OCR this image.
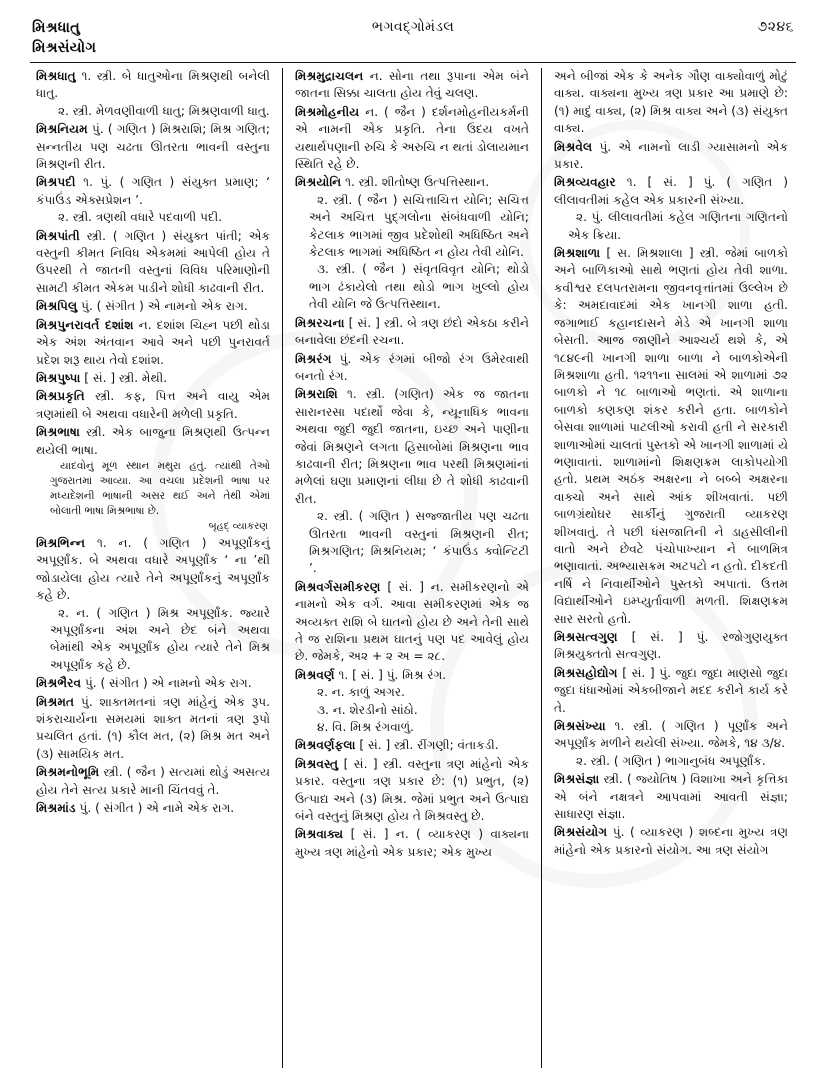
મિશ્રધાતુ
મિશ્રસંયોગ
ભગવદ્ગોમંડલ	૭૨૪૬

મિશ્રધાતુ ૧. સ્ત્રી. બે ધાતુઓના મિશ્રણથી બનેલી ધાતુ.

૨. સ્ત્રી. મેળવણીવાળી ધાતુ; મિશ્રણવાળી ધાતુ.

મિશ્રનિયમ પું. ( ગણિત ) મિશ્રરાશિ; મિશ્ર ગણિત; સન્નતીય પણ ચઢતા ઊતરતા ભાવની વસ્તુના મિશ્રણની રીત.

મિશ્રપદી ૧. પું. ( ગણિત ) સંયુક્ત પ્રમાણ; ‘ કંપાઉંડ એક્સપ્રેશન ’.

૨. સ્ત્રી. ત્રણથી વધારે પદવાળી પદી.

મિશ્રપાંતી સ્ત્રી. ( ગણિત ) સંયુક્ત પાંતી; એક વસ્તુની કીમત નિવિધ એકમમાં આપેલી હોય તે ઉપરથી તે જાતની વસ્તુનાં વિવિધ પરિમાણોની સામટી કીમત એકમ પાડીને શોધી કાઢવાની રીત.

મિશ્રપિલુ પું. ( સંગીત ) એ નામનો એક રાગ.

મિશ્રપુનરાવર્ત દશાંશ ન. દશાંશ ચિહ્ન પછી થોડા એક અંશ અંતવાન આવે અને પછી પુનરાવર્ત પ્રદેશ શરૂ થાય તેવો દશાંશ.

મિશ્રપુષ્પા [ સં. ] સ્ત્રી. મેથી.

મિશ્રપ્રકૃતિ સ્ત્રી. કફ, પિત્ત અને વાયુ એમ ત્રણમાંથી બે અથવા વધારેની મળેલી પ્રકૃતિ.

મિશ્રભાષા સ્ત્રી. એક બાજુના મિશ્રણથી ઉત્પન્ન થયેલી ભાષા.

યાદવોનું મૂળ સ્થાન મથુરા હતું. ત્યાંથી તેઓ ગુજરાતમાં આવ્યા. આ વચલા પ્રદેશની ભાષા પર મધ્યદેશની ભાષાની અસર થઈ અને તેથી એમાં બોલાતી ભાષા મિશ્રભાષા છે.

બૃહદ્ વ્યાકરણ

મિશ્રભિન્ન ૧. ન. ( ગણિત ) અપૂર્ણાંકનું અપૂર્ણાંક. બે અથવા વધારે અપૂર્ણાંક ‘ ના ’થી જોડાયેલા હોય ત્યારે તેને અપૂર્ણાંકનું અપૂર્ણાંક કહે છે.

૨. ન. ( ગણિત ) મિશ્ર અપૂર્ણાંક. જ્યારે અપૂર્ણાંકના અંશ અને છેદ બંને અથવા બેમાંથી એક અપૂર્ણાંક હોય ત્યારે તેને મિશ્ર અપૂર્ણાંક કહે છે.

મિશ્રભૈરવ પું. ( સંગીત ) એ નામનો એક રાગ.

મિશ્રમત પું. શાક્તમતનાં ત્રણ માંહેનું એક રૂપ. શંકરાચાર્યના સમયમાં શાક્ત મતનાં ત્રણ રૂપો પ્રચલિત હતાં. (૧) કૌલ મત, (૨) મિશ્ર મત અને (૩) સામયિક મત.

મિશ્રમનોભૂમિ સ્ત્રી. ( જૈન ) સત્યમાં થોડું અસત્ય હોય તેને સત્ય પ્રકારે માની ચિંતવવું તે.

મિશ્રમાંડ પું. ( સંગીત ) એ નામે એક રાગ.

મિશ્રમુદ્રાચલન ન. સોના તથા રૂપાના એમ બંને જાતના સિક્કા ચાલતા હોય તેવું ચલણ.

મિશ્રમોહનીય ન. ( જૈન ) દર્શનમોહનીયકર્મની એ નામની એક પ્રકૃતિ. તેના ઉદય વખતે યથાર્થપણાની રુચિ કે અરુચિ ન થતાં ડોલાયમાન સ્થિતિ રહે છે.

મિશ્રયોનિ ૧. સ્ત્રી. શીતોષ્ણ ઉત્પત્તિસ્થાન.

૨. સ્ત્રી. ( જૈન ) સચિત્તાચિત્ત યોનિ; સચિત્ત અને અચિત્ત પુદ્ગલોના સંબંધવાળી યોનિ; કેટલાક ભાગમાં જીવ પ્રદેશોથી અધિષ્ઠિત અને કેટલાક ભાગમાં અધિષ્ઠિત ન હોય તેવી યોનિ.

૩. સ્ત્રી. ( જૈન ) સંવૃતવિવૃત યોનિ; થોડો ભાગ ઢંકાયેલો તથા થોડો ભાગ ખુલ્લો હોય તેવી યોનિ જે ઉત્પત્તિસ્થાન.

મિશ્રરચના [ સં. ] સ્ત્રી. બે ત્રણ છંદો એકઠા કરીને બનાવેલા છંદની રચના.

મિશ્રરંગ પું. એક રંગમાં બીજો રંગ ઉમેરવાથી બનતો રંગ.

મિશ્રરાશિ ૧. સ્ત્રી. (ગણિત) એક જ જાતના સારાનરસા પદાર્થો જેવા કે, ન્યૂનાધિક ભાવના અથવા જુદી જુદી જાતના, ઇચ્છ અને પાણીના જેવાં મિશ્રણને લગતા હિસાબોમાં મિશ્રણના ભાવ કાઢવાની રીત; મિશ્રણના ભાવ પરથી મિશ્રણમાંનાં મળેલાં ઘણા પ્રમાણનાં લીધા છે તે શોધી કાઢવાની રીત.

૨. સ્ત્રી. ( ગણિત ) સજ્જાતીય પણ ચઢતા ઊતરતા ભાવની વસ્તુનાં મિશ્રણની રીત; મિશ્રગણિત; મિશ્રનિયમ; ‘ કંપાઉંડ ક્વોન્ટિટી ’.

મિશ્રવર્ગસમીકરણ [ સં. ] ન. સમીકરણનો એ નામનો એક વર્ગ. આવા સમીકરણમાં એક જ અવ્યક્ત રાશિ બે ઘાતનો હોય છે અને તેની સાથે તે જ રાશિના પ્રથમ ઘાતનું પણ પદ આવેલું હોય છે. જેમકે, અ૨ + ૨ અ = ૨૮.

મિશ્રવર્ણ ૧. [ સં. ] પું. મિશ્ર રંગ.

૨. ન. કાળું અગર.

૩. ન. શેરડીનો સાંઠો.

૪. વિ. મિશ્ર રંગવાળું.

મિશ્રવર્ણફલા [ સં. ] સ્ત્રી. રીંગણી; વંતાકડી.

મિશ્રવસ્તુ [ સં. ] સ્ત્રી. વસ્તુના ત્રણ માંહેનો એક પ્રકાર. વસ્તુના ત્રણ પ્રકાર છે: (૧) પ્રભુત, (૨) ઉત્પાદ્ય અને (૩) મિશ્ર. જેમાં પ્રભુત અને ઉત્પાદ્ય બંને વસ્તુનું મિશ્રણ હોય તે મિશ્રવસ્તુ છે.

મિશ્રવાક્ય [ સં. ] ન. ( વ્યાકરણ ) વાક્યના મુખ્ય ત્રણ માંહેનો એક પ્રકાર; એક મુખ્ય

અને બીજાં એક કે અનેક ગૌણ વાક્યોવાળું મોટું વાક્ય. વાક્યના મુખ્ય ત્રણ પ્રકાર આ પ્રમાણે છે: (૧) માદું વાક્ય, (૨) મિશ્ર વાક્ય અને (૩) સંયુક્ત વાક્ય.

મિશ્રવેલ પું. એ નામનો લાડી ગ્યાસામનો એક પ્રકાર.

મિશ્રવ્યવહાર ૧. [ સં. ] પું. ( ગણિત ) લીલાવતીમાં કહેલ એક પ્રકારની સંખ્યા.

૨. પું. લીલાવતીમાં કહેલ ગણિતના ગણિતનો એક ક્રિયા.

મિશ્રશાળા [ સ. મિશ્રશાલા ] સ્ત્રી. જેમાં બાળકો અને બાળિકાઓ સાથે ભણતાં હોય તેવી શાળા. કવીશ્વર દલપતરામના જીવનવૃત્તાંતમાં ઉલ્લેખ છે કે: અમદાવાદમાં એક ખાનગી શાળા હતી. જગાભાઈ કહાનદાસને મેડે એ ખાનગી શાળા બેસતી. આજ જાણીને આશ્ચર્ય થશે કે, એ ૧૮૪૯ની ખાનગી શાળા બાળા ને બાળકોએની મિશ્રશાળા હતી. ૧૨૧૧ના સાલમાં એ શાળામાં ૭૨ બાળકો ને ૧૮ બાળાઓ ભણતાં. એ શાળાના બાળકો કણકણ શંકર કરીને હતા. બાળકોને બેસવા શાળામાં પાટલીઓ કરાવી હતી ને સરકારી શાળાઓમાં ચાલતાં પુસ્તકો એ ખાનગી શાળામાં યે ભણાવાતાં. શાળામાંનો શિક્ષણક્રમ લાકોપયોગી હતો. પ્રથમ અઠંક અક્ષરના ને બબ્બે અક્ષરના વાક્ચો અને સાથે આંક શીખવાતાં. પછી બાળગ્રંથોઘર સાર્કીનું ગુજરાતી વ્યાકરણ શીખવાતું. તે પછી ધંસજાતિની ને ડાહસીલીની વાતો અને છેવટે પંચોપાખ્યાન ને બાળમિત્ર ભણાવાતાં. અભ્યાસક્રમ અટપટો ન હતો. દીકદતી નર્ષિ ને નિવાર્થીઓને પુસ્તકો અપાતાં. ઉત્તમ વિદ્યાર્થીઓને ઇમ્પ્યુર્તાવાળી મળતી. શિક્ષણક્રમ સાર સરતો હતો.

મિશ્રસત્વગુણ [ સં. ] પું. રજોગુણયુક્ત મિશ્રયુક્તતો સત્વગુણ.

મિશ્રસહોદ્યોગ [ સં. ] પું. જુદા જુદા માણસો જુદા જુદા ધંધાઓમાં એકબીજાને મદદ કરીને કાર્ય કરે તે.

મિશ્રસંખ્યા ૧. સ્ત્રી. ( ગણિત ) પૂર્ણાંક અને અપૂર્ણાંક મળીને થયેલી સંખ્યા. જેમકે, ૧૪ ૩/૪.

૨. સ્ત્રી. ( ગણિત ) ભાગાનુબંધ અપૂર્ણાંક.

મિશ્રસંજ્ઞા સ્ત્રી. ( જ્યોતિષ ) વિશાખા અને કૃત્તિકા એ બંને નક્ષત્રને આપવામાં આવતી સંજ્ઞા; સાધારણ સંજ્ઞા.

મિશ્રસંયોગ પું. ( વ્યાકરણ ) શબ્દના મુખ્ય ત્રણ માંહેનો એક પ્રકારનો સંયોગ. આ ત્રણ સંયોગ
